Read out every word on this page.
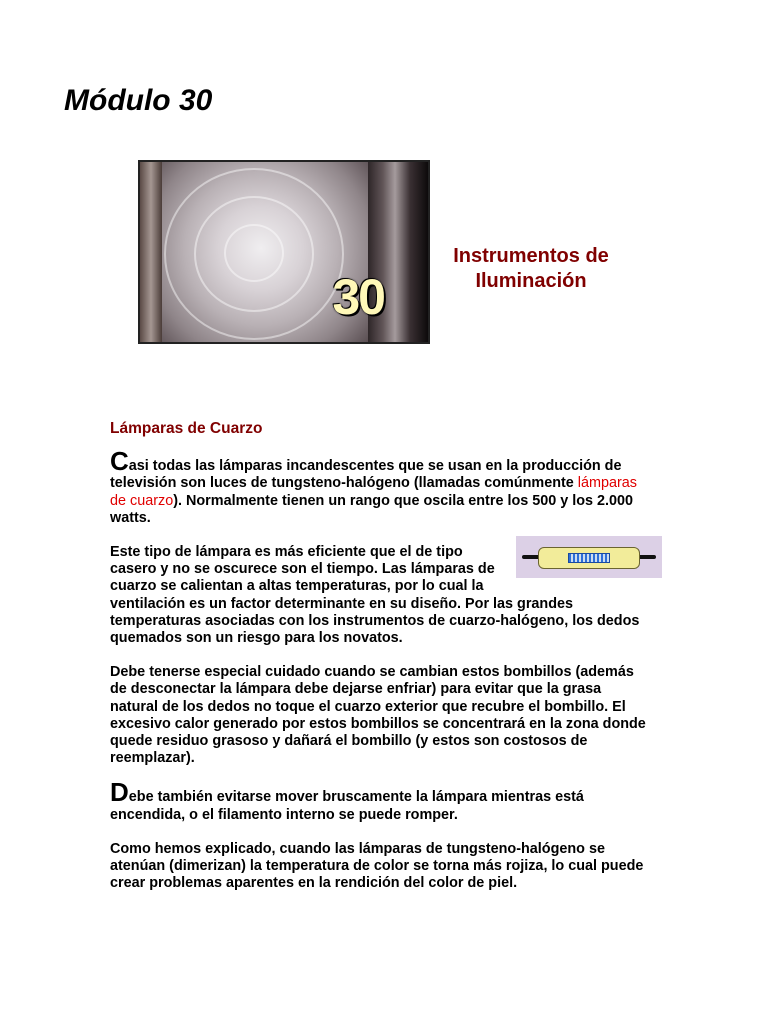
Módulo 30
30
Instrumentos de Iluminación
Lámparas de Cuarzo

Casi todas las lámparas incandescentes que se usan en la producción de televisión son luces de tungsteno-halógeno (llamadas comúnmente lámparas de cuarzo). Normalmente tienen un rango que oscila entre los 500 y los 2.000 watts.

Este tipo de lámpara es más eficiente que el de tipo casero y no se oscurece son el tiempo. Las lámparas de cuarzo se calientan a altas temperaturas, por lo cual la ventilación es un factor determinante en su diseño. Por las grandes temperaturas asociadas con los instrumentos de cuarzo-halógeno, los dedos quemados son un riesgo para los novatos.

Debe tenerse especial cuidado cuando se cambian estos bombillos (además de desconectar la lámpara debe dejarse enfriar) para evitar que la grasa natural de los dedos no toque el cuarzo exterior que recubre el bombillo. El excesivo calor generado por estos bombillos se concentrará en la zona donde quede residuo grasoso y dañará el bombillo (y estos son costosos de reemplazar).

Debe también evitarse mover bruscamente la lámpara mientras está encendida, o el filamento interno se puede romper.

Como hemos explicado, cuando las lámparas de tungsteno-halógeno se atenúan (dimerizan) la temperatura de color se torna más rojiza, lo cual puede crear problemas aparentes en la rendición del color de piel.
